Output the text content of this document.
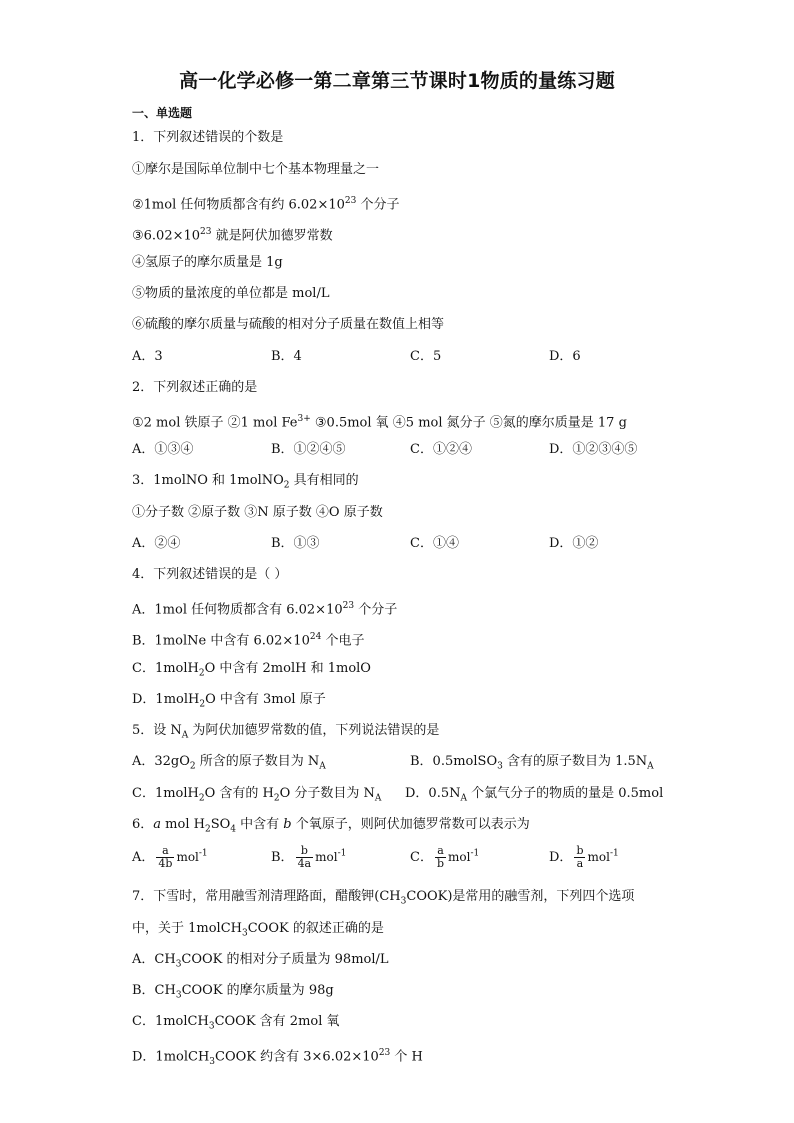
高一化学必修一第二章第三节课时1物质的量练习题
一、单选题
1．下列叙述错误的个数是
①摩尔是国际单位制中七个基本物理量之一
②1mol 任何物质都含有约 $6.02\times 10^{23}$ 个分子
$③6.02\times 10^{23}$ 就是阿伏加德罗常数
④氢原子的摩尔质量是 1g
⑤物质的量浓度的单位都是 mol/L
⑥硫酸的摩尔质量与硫酸的相对分子质量在数值上相等
A．3	B．4	C．5	D．6
2．下列叙述正确的是
①2 mol 铁原子 ②1 mol $Fe^{3+}$ ③0.5mol 氧 ④5 mol 氮分子 ⑤氮的摩尔质量是 17 g
A．①③④	B．①②④⑤	C．①②④	D．①②③④⑤
3．1molNO 和 1molNO$_2$ 具有相同的
①分子数 ②原子数 ③N 原子数 ④O 原子数
A．②④	B．①③	C．①④	D．①②
4．下列叙述错误的是（ ）
A．1mol 任何物质都含有 $6.02\times 10^{23}$ 个分子
B．1molNe 中含有 $6.02\times 10^{24}$ 个电子
C．1molH$_2$O 中含有 2molH 和 1molO
D．1molH$_2$O 中含有 3mol 原子
5．设 $N_A$ 为阿伏加德罗常数的值，下列说法错误的是
A．$32gO_2$ 所含的原子数目为 $N_A$	B．0.5molSO$_3$ 含有的原子数目为 $1.5N_A$
C．1molH$_2$O 含有的 $H_2O$ 分子数目为 $N_A$ D．$0.5N_A$ 个氯气分子的物质的量是 0.5mol
6．a mol $H_2SO_4$ 中含有 b 个氧原子，则阿伏加德罗常数可以表示为
A． $\frac{a}{4b} mol^{-1}$	B． $\frac{b}{4a} mol^{-1}$	C． $\frac{a}{b} mol^{-1}$	D． $\frac{b}{a} mol^{-1}$
7．下雪时，常用融雪剂清理路面，醋酸钾$(CH_3COOK)$是常用的融雪剂，下列四个选项
中，关于 1molCH$_3$COOK 的叙述正确的是
A．$CH_3COOK$ 的相对分子质量为 98mol/L
B．$CH_3COOK$ 的摩尔质量为 98g
C．1molCH$_3$COOK 含有 2mol 氧
D．1molCH$_3$COOK 约含有 $3\times 6.02\times 10^{23}$ 个 H
